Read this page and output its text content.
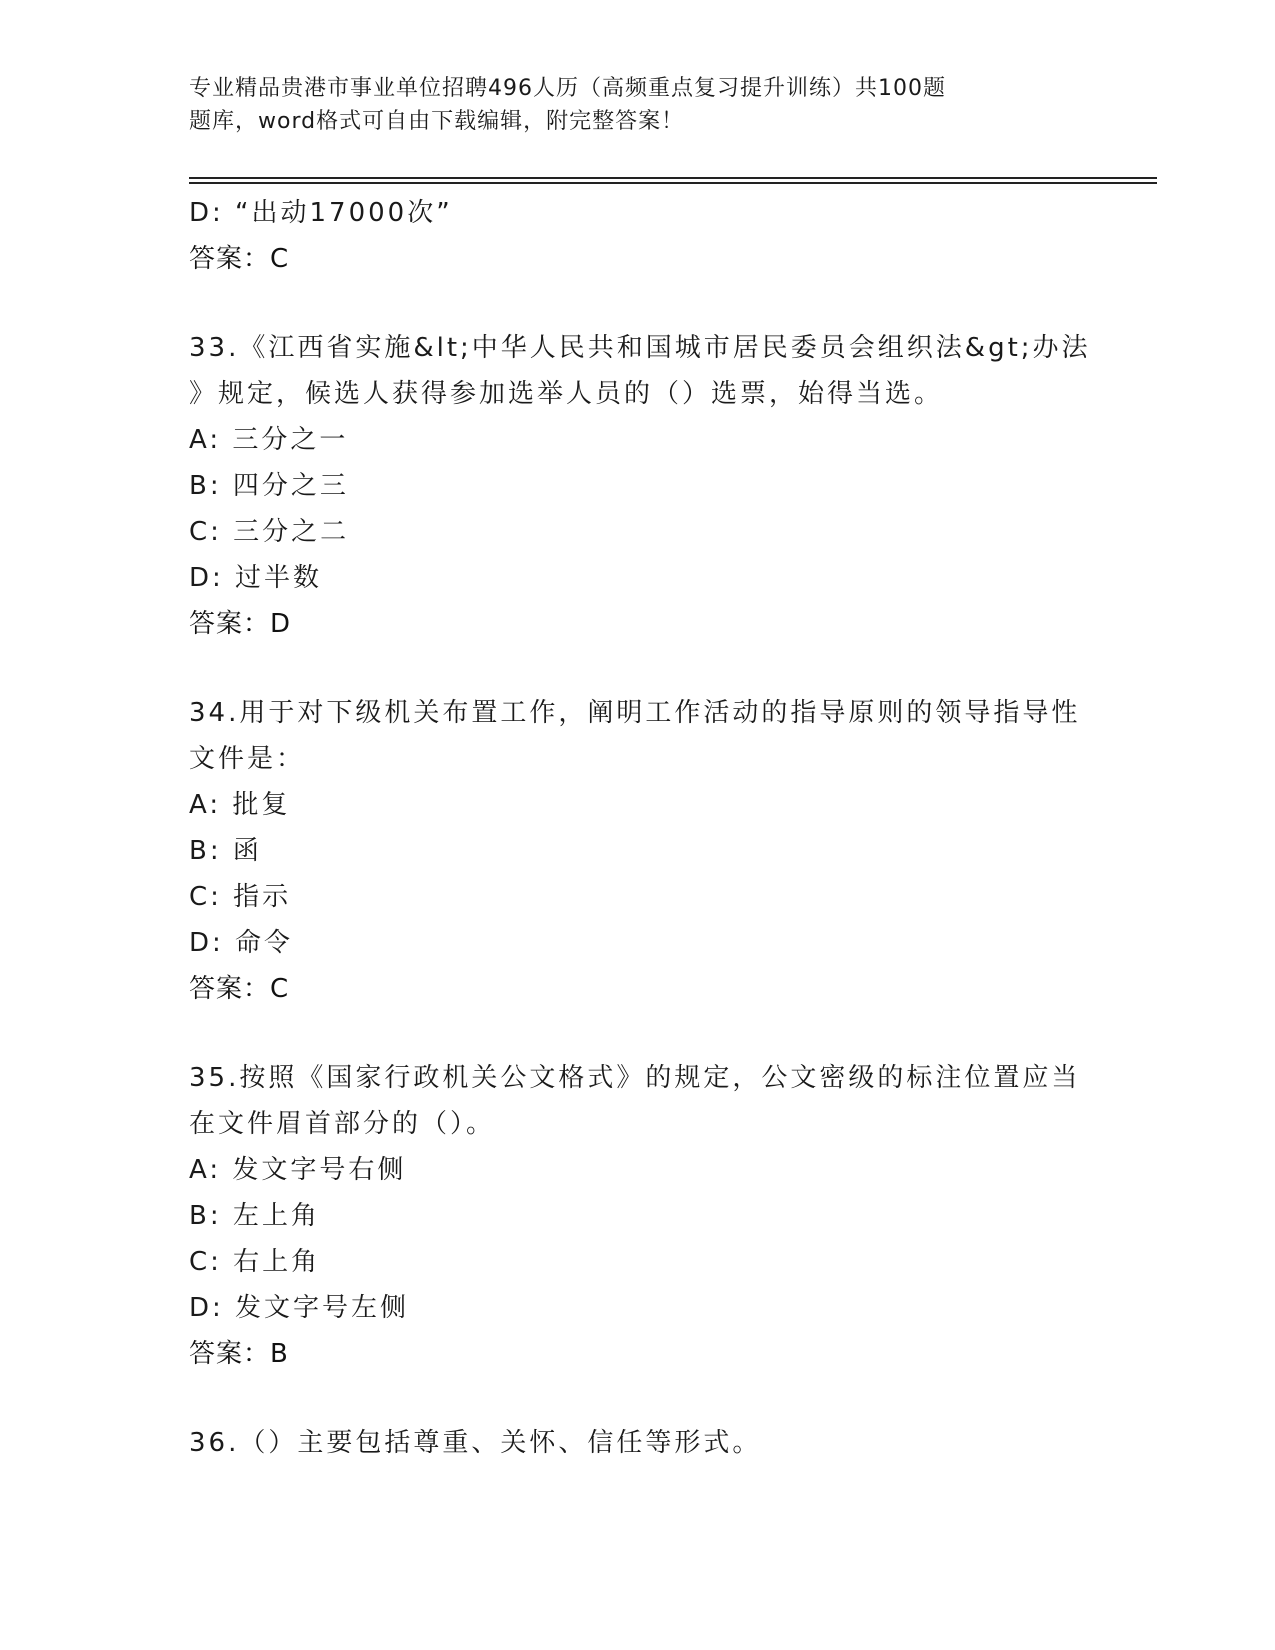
专业精品贵港市事业单位招聘496人历（高频重点复习提升训练）共100题
题库，word格式可自由下载编辑，附完整答案！
D: “出动17000次”
答案：C
33.《江西省实施&lt;中华人民共和国城市居民委员会组织法&gt;办法
》规定，候选人获得参加选举人员的（）选票，始得当选。
A: 三分之一
B: 四分之三
C: 三分之二
D: 过半数
答案：D
34.用于对下级机关布置工作，阐明工作活动的指导原则的领导指导性
文件是：
A: 批复
B: 函
C: 指示
D: 命令
答案：C
35.按照《国家行政机关公文格式》的规定，公文密级的标注位置应当
在文件眉首部分的（）。
A: 发文字号右侧
B: 左上角
C: 右上角
D: 发文字号左侧
答案：B
36.（）主要包括尊重、关怀、信任等形式。
